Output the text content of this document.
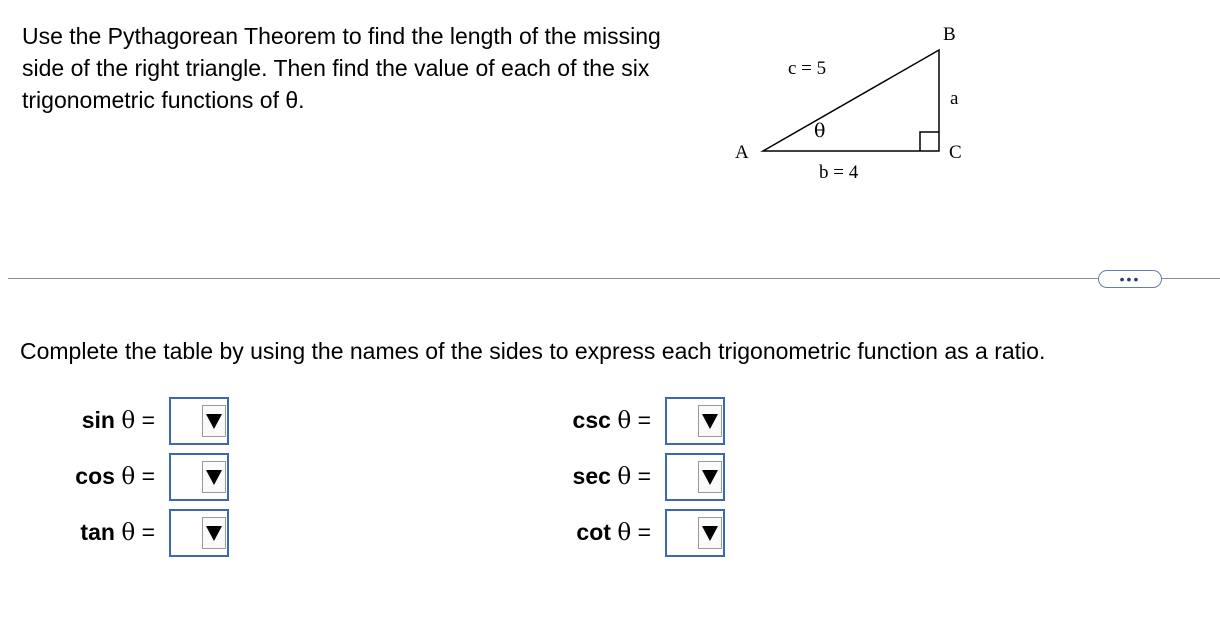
Use the Pythagorean Theorem to find the length of the missing side of the right triangle. Then find the value of each of the six trigonometric functions of θ.
B
c = 5
a
θ
A	C
b = 4
•••
Complete the table by using the names of the sides to express each trigonometric function as a ratio.
sin θ =
cos θ =
tan θ =
csc θ =
sec θ =
cot θ =
